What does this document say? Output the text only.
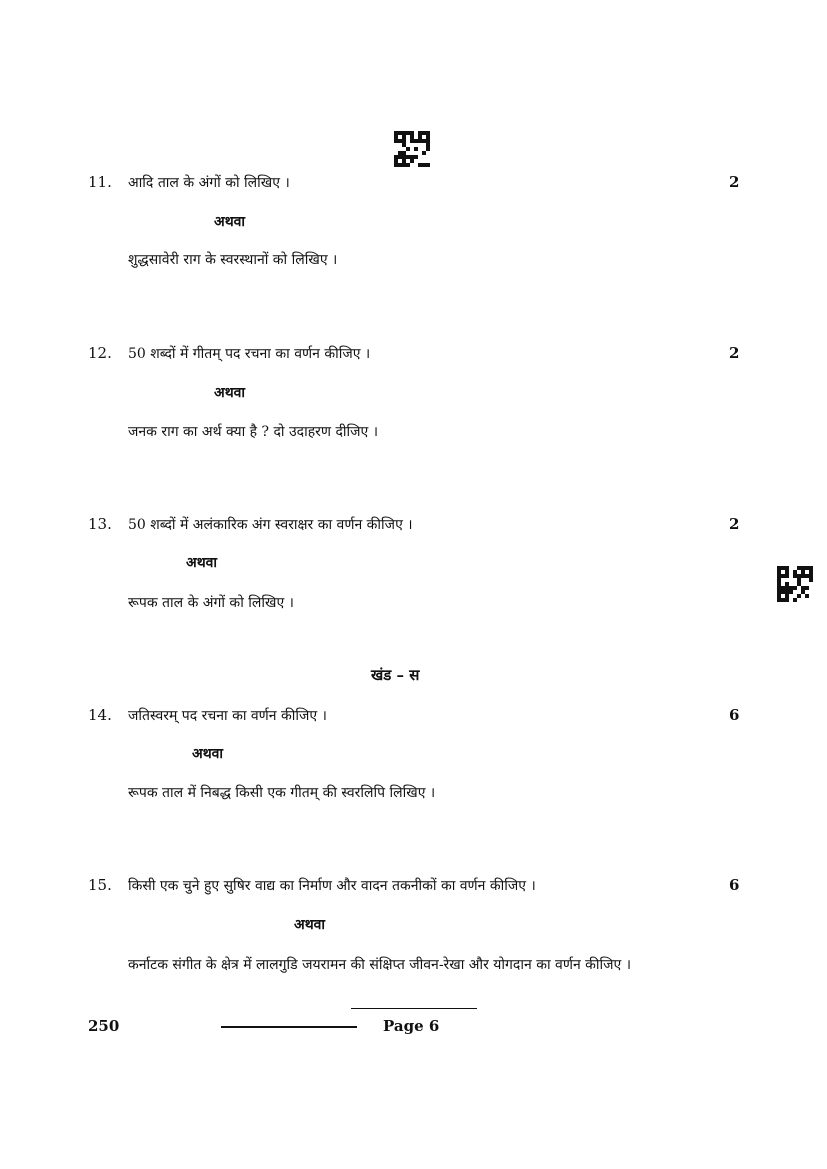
11. आदि ताल के अंगों को लिखिए ।	2
अथवा
शुद्धसावेरी राग के स्वरस्थानों को लिखिए ।
12. 50 शब्दों में गीतम् पद रचना का वर्णन कीजिए ।	2
अथवा
जनक राग का अर्थ क्या है ? दो उदाहरण दीजिए ।
13. 50 शब्दों में अलंकारिक अंग स्वराक्षर का वर्णन कीजिए ।	2
अथवा
रूपक ताल के अंगों को लिखिए ।
खंड – स
14. जतिस्वरम् पद रचना का वर्णन कीजिए ।	6
अथवा
रूपक ताल में निबद्ध किसी एक गीतम् की स्वरलिपि लिखिए ।
15. किसी एक चुने हुए सुषिर वाद्य का निर्माण और वादन तकनीकों का वर्णन कीजिए ।	6
अथवा
कर्नाटक संगीत के क्षेत्र में लालगुडि जयरामन की संक्षिप्त जीवन-रेखा और योगदान का वर्णन कीजिए ।
250	Page 6
